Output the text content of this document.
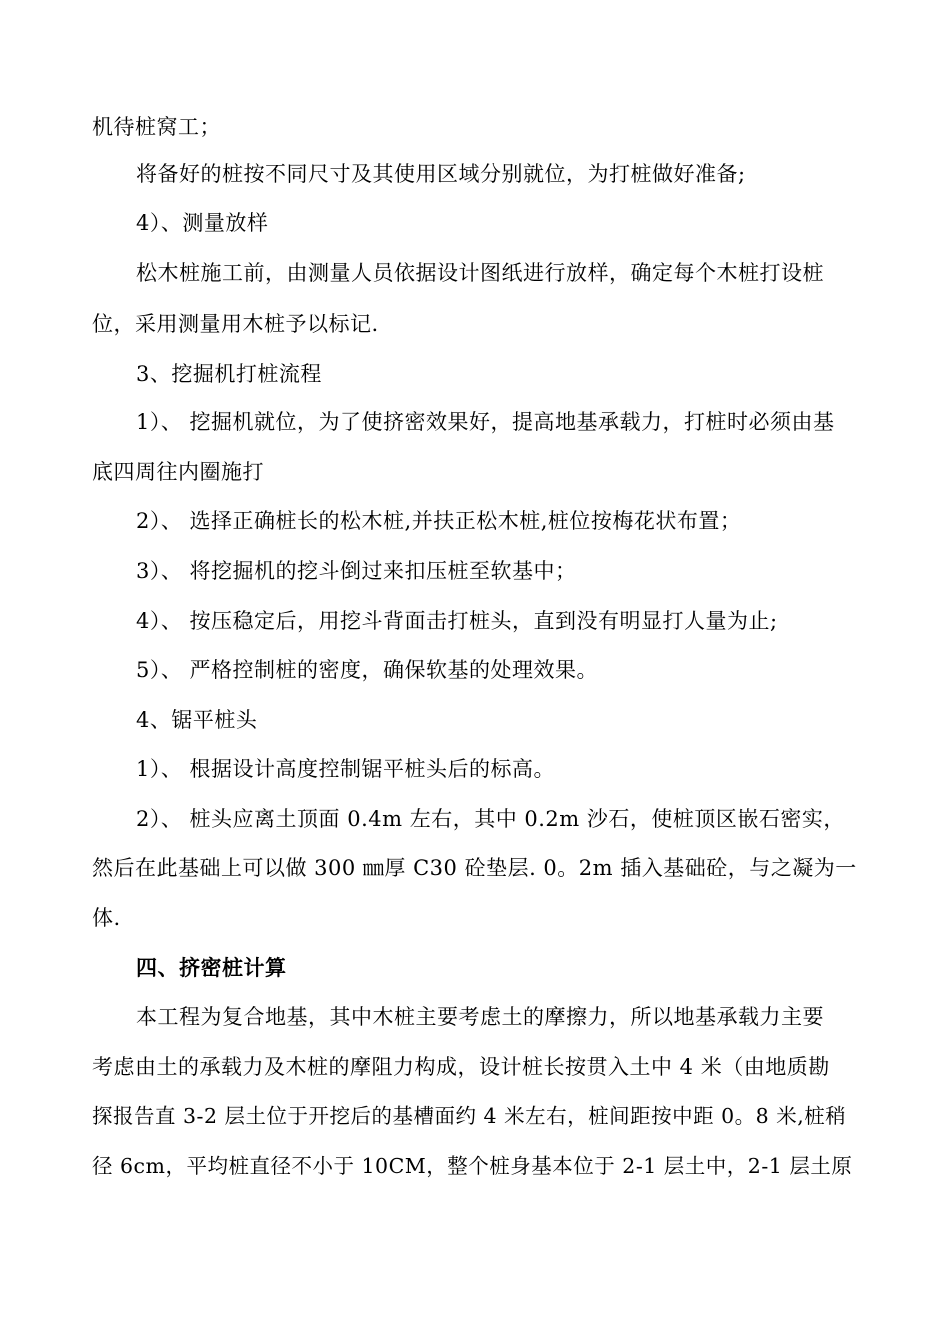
机待桩窝工；
将备好的桩按不同尺寸及其使用区域分别就位，为打桩做好准备;
4）、测量放样
松木桩施工前，由测量人员依据设计图纸进行放样，确定每个木桩打设桩
位，采用测量用木桩予以标记.
3、挖掘机打桩流程
1）、 挖掘机就位，为了使挤密效果好，提高地基承载力，打桩时必须由基
底四周往内圈施打
2）、 选择正确桩长的松木桩,并扶正松木桩,桩位按梅花状布置；
3）、 将挖掘机的挖斗倒过来扣压桩至软基中；
4）、 按压稳定后，用挖斗背面击打桩头，直到没有明显打人量为止;
5）、 严格控制桩的密度，确保软基的处理效果。
4、锯平桩头
1）、 根据设计高度控制锯平桩头后的标高。
2）、 桩头应离土顶面 0.4m 左右，其中 0.2m 沙石，使桩顶区嵌石密实，
然后在此基础上可以做 300 ㎜厚 C30 砼垫层. 0。2m 插入基础砼，与之凝为一
体.
四、挤密桩计算
本工程为复合地基，其中木桩主要考虑土的摩擦力，所以地基承载力主要
考虑由土的承载力及木桩的摩阻力构成，设计桩长按贯入土中 4 米（由地质勘
探报告直 3-2 层土位于开挖后的基槽面约 4 米左右，桩间距按中距 0。8 米,桩稍
径 6cm，平均桩直径不小于 10CM，整个桩身基本位于 2-1 层土中，2-1 层土原
